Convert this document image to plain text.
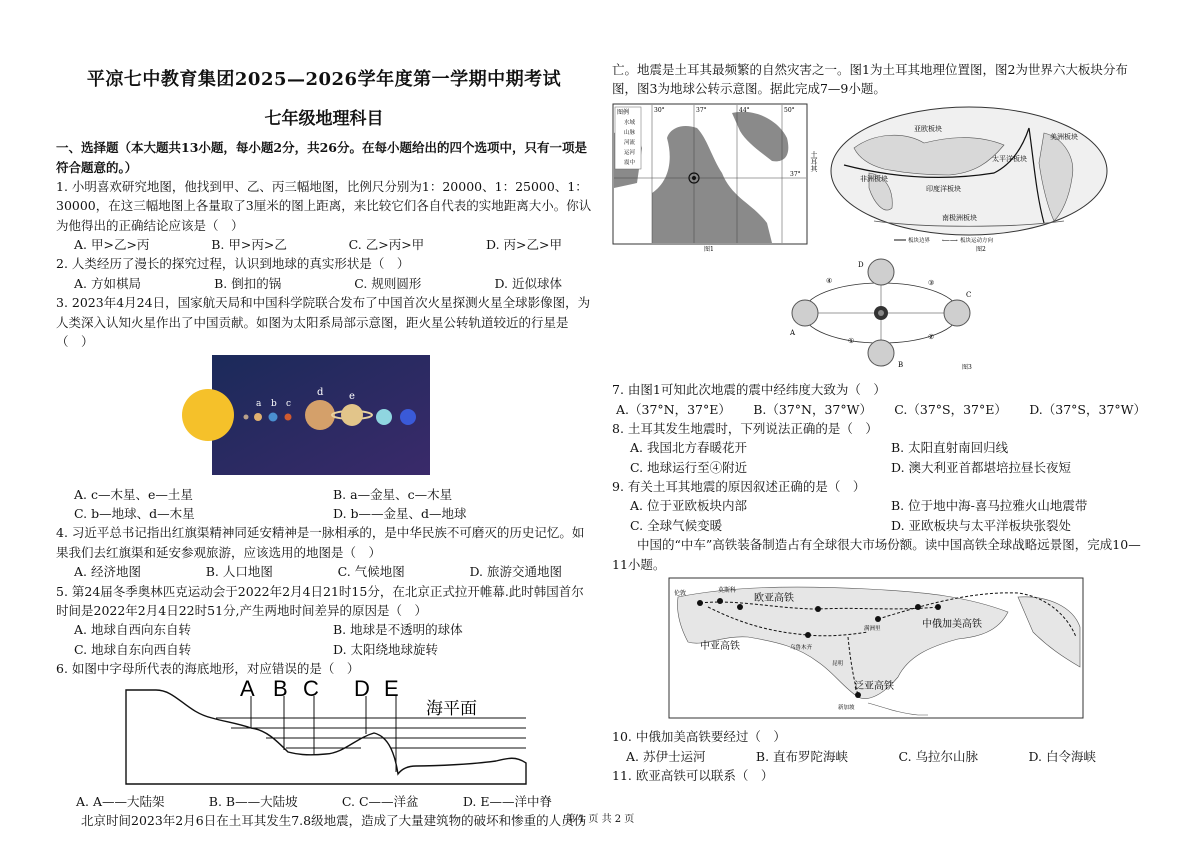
平凉七中教育集团2025—2026学年度第一学期中期考试
七年级地理科目

一、选择题（本大题共13小题，每小题2分，共26分。在每小题给出的四个选项中，只有一项是符合题意的。）

1. 小明喜欢研究地图，他找到甲、乙、丙三幅地图，比例尺分别为1：20000、1：25000、1：30000，在这三幅地图上各量取了3厘米的图上距离，来比较它们各自代表的实地距离大小。你认为他得出的正确结论应该是（　）

A. 甲>乙>丙	B. 甲>丙>乙	C. 乙>丙>甲	D. 丙>乙>甲

2. 人类经历了漫长的探究过程，认识到地球的真实形状是（　）

A. 方如棋局	B. 倒扣的锅	C. 规则圆形	D. 近似球体

3. 2023年4月24日，国家航天局和中国科学院联合发布了中国首次火星探测火星全球影像图，为人类深入认知火星作出了中国贡献。如图为太阳系局部示意图，距火星公转轨道较近的行星是（　）

a b c
d	e
A. c—木星、e—土星	B. a—金星、c—木星
C. b—地球、d—木星	D. b——金星、d—地球

4. 习近平总书记指出红旗渠精神同延安精神是一脉相承的，是中华民族不可磨灭的历史记忆。如果我们去红旗渠和延安参观旅游，应该选用的地图是（　）

A. 经济地图	B. 人口地图	C. 气候地图	D. 旅游交通地图

5. 第24届冬季奥林匹克运动会于2022年2月4日21时15分，在北京正式拉开帷幕.此时韩国首尔时间是2022年2月4日22时51分,产生两地时间差异的原因是（　）

A. 地球自西向东自转	B. 地球是不透明的球体
C. 地球自东向西自转	D. 太阳绕地球旋转

6. 如图中字母所代表的海底地形，对应错误的是（　）

A B C D E
海平面
A. A——大陆架	B. B——大陆坡	C. C——洋盆	D. E——洋中脊

北京时间2023年2月6日在土耳其发生7.8级地震，造成了大量建筑物的破坏和惨重的人员伤

亡。地震是土耳其最频繁的自然灾害之一。图1为土耳其地理位置图，图2为世界六大板块分布图，图3为地球公转示意图。据此完成7—9小题。

图例
水域
山脉
河流
运河
震中
30°	37°	44°	50°
37°
图1
土耳其
亚欧板块
非洲板块
印度洋板块
太平洋板块
美洲板块
南极洲板块
板块边界 ⟵⟶ 板块运动方向
图2
A
B
C
D
①	②
③
④
图3

7. 由图1可知此次地震的震中经纬度大致为（　）

A.（37°N，37°E） B.（37°N，37°W） C.（37°S，37°E） D.（37°S，37°W）

8. 土耳其发生地震时，下列说法正确的是（　）

A. 我国北方春暖花开	B. 太阳直射南回归线
C. 地球运行至④附近	D. 澳大利亚首都堪培拉昼长夜短

9. 有关土耳其地震的原因叙述正确的是（　）

A. 位于亚欧板块内部	B. 位于地中海-喜马拉雅火山地震带
C. 全球气候变暖	D. 亚欧板块与太平洋板块张裂处

中国的“中车”高铁装备制造占有全球很大市场份额。读中国高铁全球战略远景图，完成10—11小题。

伦敦	莫斯科
欧亚高铁
中俄加美高铁
中亚高铁	乌鲁木齐
满洲里
昆明
泛亚高铁
新加坡

10. 中俄加美高铁要经过（　）

A. 苏伊士运河	B. 直布罗陀海峡	C. 乌拉尔山脉	D. 白令海峡

11. 欧亚高铁可以联系（　）

第 1 页 共 2 页
